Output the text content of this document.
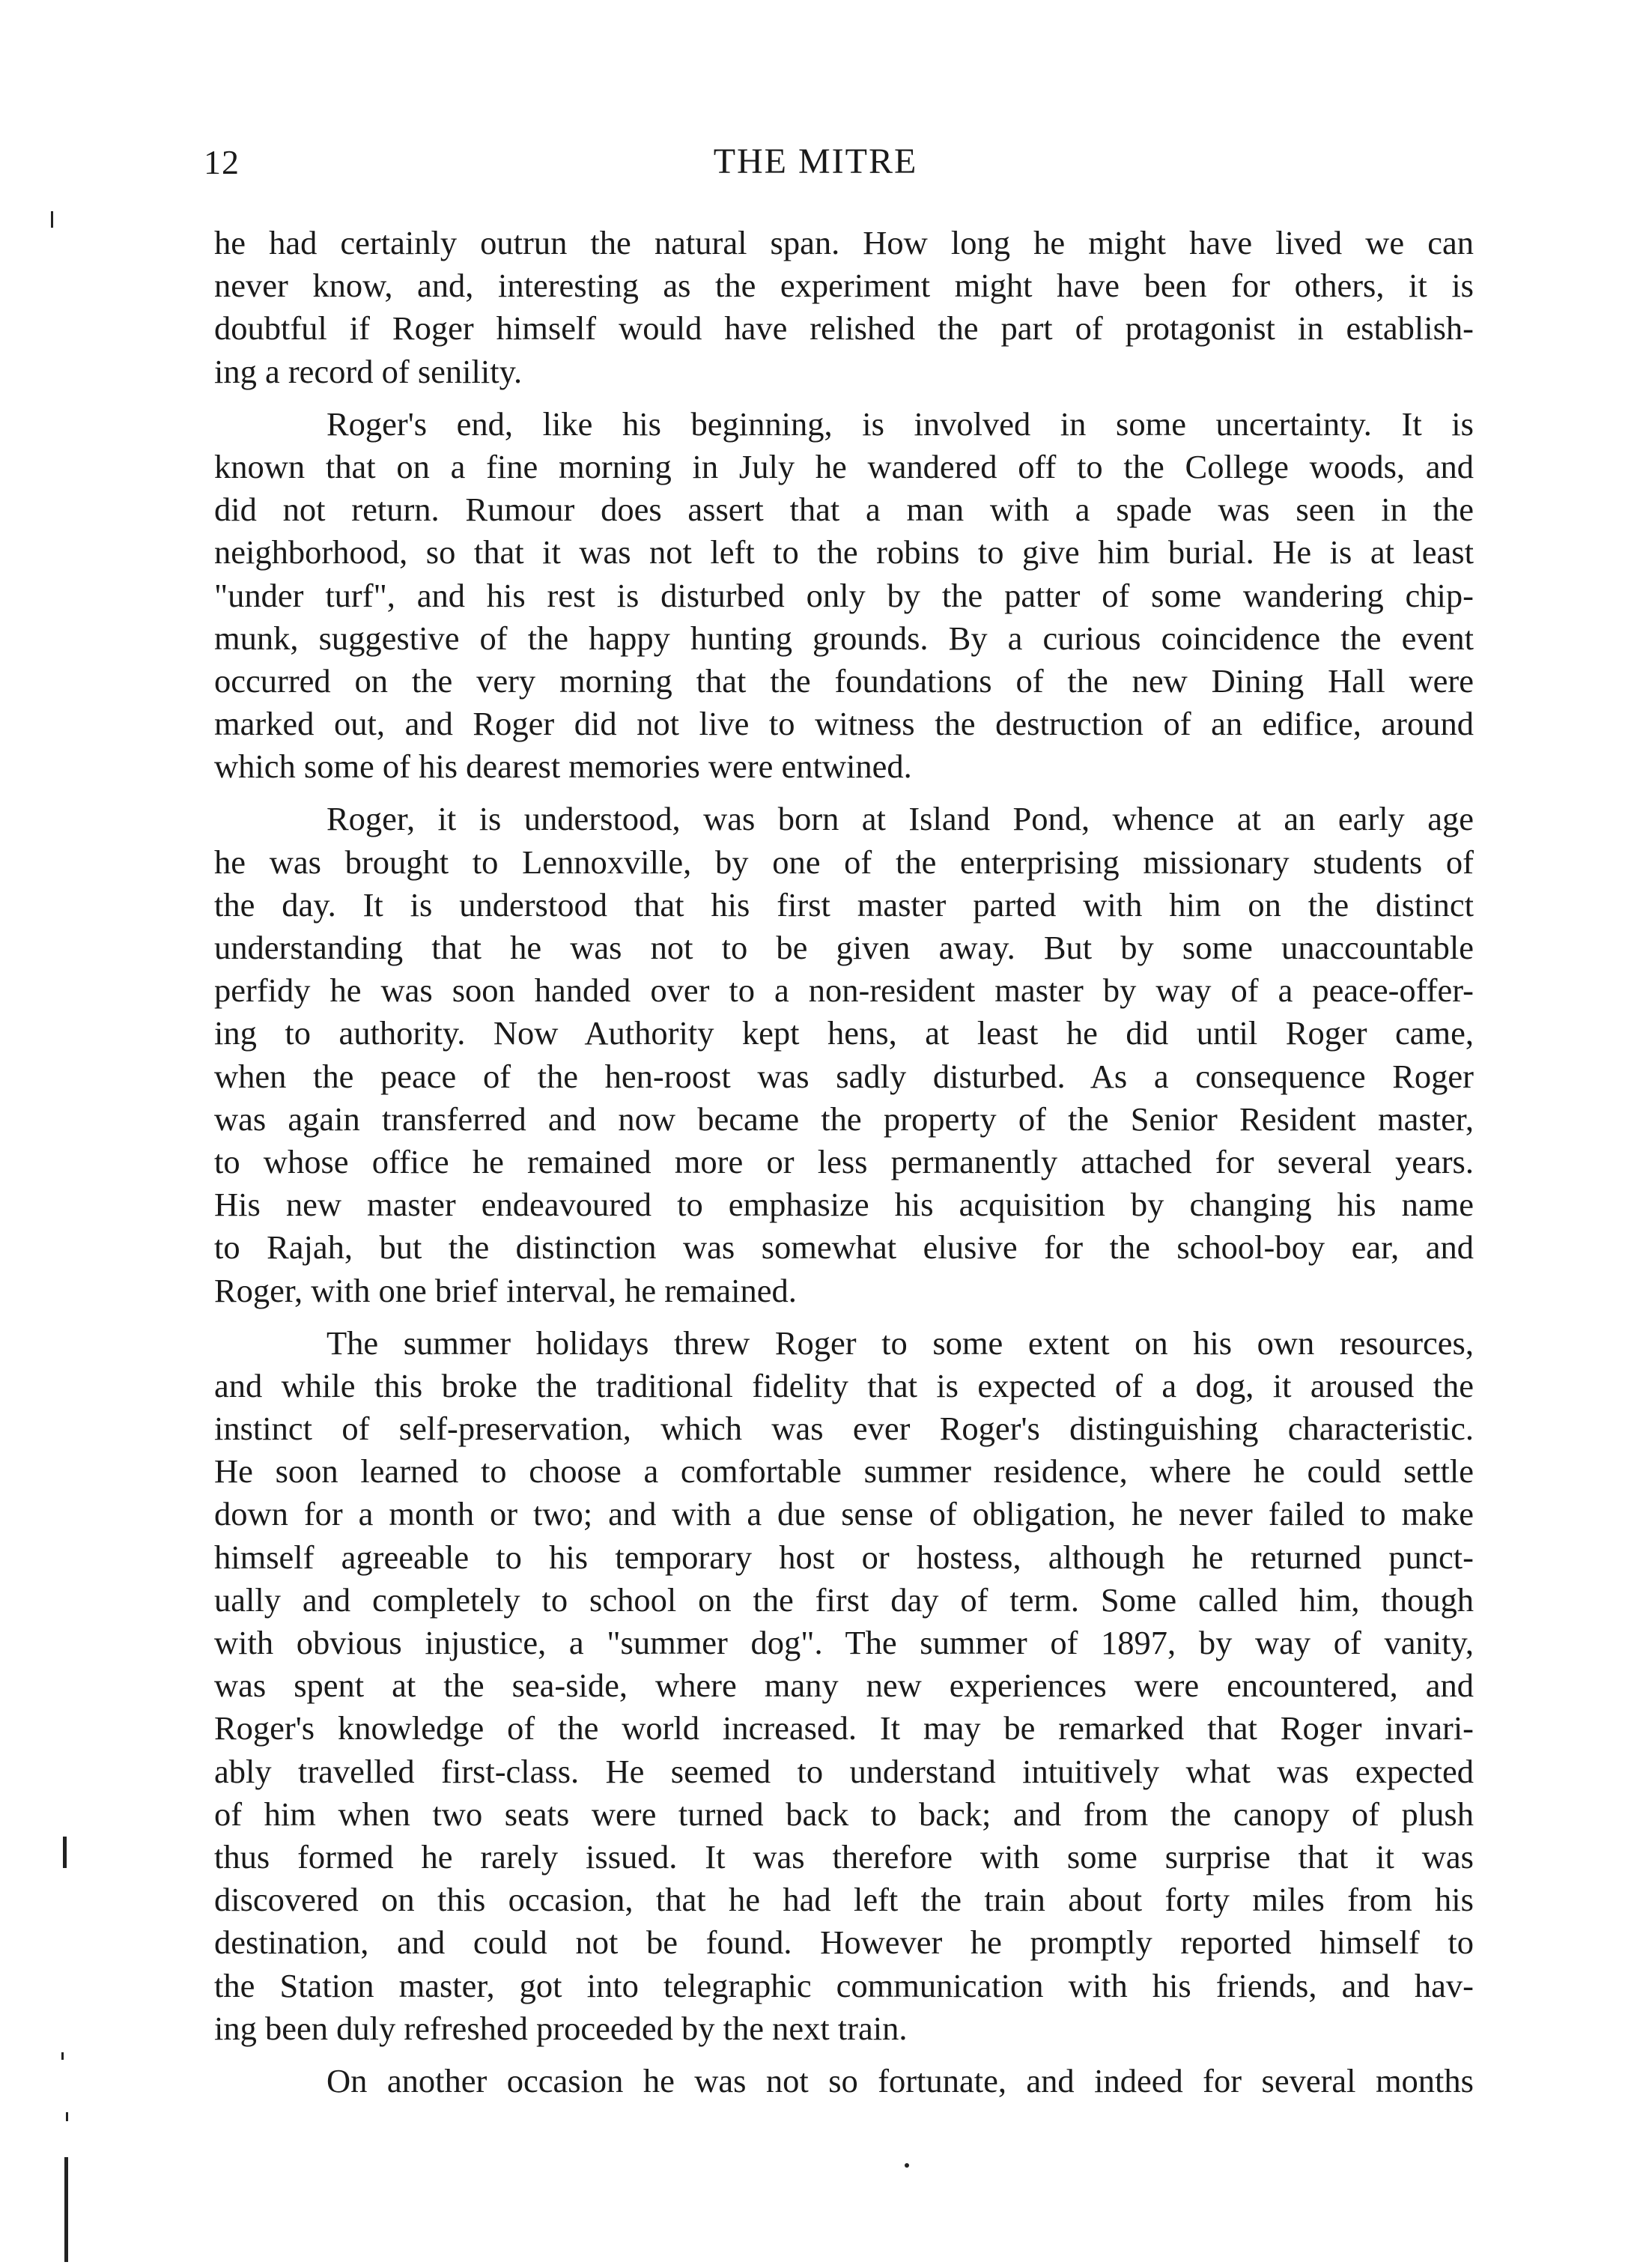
12	THE MITRE
he had certainly outrun the natural span. How long he might have lived we can
never know, and, interesting as the experiment might have been for others, it is
doubtful if Roger himself would have relished the part of protagonist in establish-
ing a record of senility.
Roger's end, like his beginning, is involved in some uncertainty. It is
known that on a fine morning in July he wandered off to the College woods, and
did not return. Rumour does assert that a man with a spade was seen in the
neighborhood, so that it was not left to the robins to give him burial. He is at least
"under turf", and his rest is disturbed only by the patter of some wandering chip-
munk, suggestive of the happy hunting grounds. By a curious coincidence the event
occurred on the very morning that the foundations of the new Dining Hall were
marked out, and Roger did not live to witness the destruction of an edifice, around
which some of his dearest memories were entwined.
Roger, it is understood, was born at Island Pond, whence at an early age
he was brought to Lennoxville, by one of the enterprising missionary students of
the day. It is understood that his first master parted with him on the distinct
understanding that he was not to be given away. But by some unaccountable
perfidy he was soon handed over to a non-resident master by way of a peace-offer-
ing to authority. Now Authority kept hens, at least he did until Roger came,
when the peace of the hen-roost was sadly disturbed. As a consequence Roger
was again transferred and now became the property of the Senior Resident master,
to whose office he remained more or less permanently attached for several years.
His new master endeavoured to emphasize his acquisition by changing his name
to Rajah, but the distinction was somewhat elusive for the school-boy ear, and
Roger, with one brief interval, he remained.
The summer holidays threw Roger to some extent on his own resources,
and while this broke the traditional fidelity that is expected of a dog, it aroused the
instinct of self-preservation, which was ever Roger's distinguishing characteristic.
He soon learned to choose a comfortable summer residence, where he could settle
down for a month or two; and with a due sense of obligation, he never failed to make
himself agreeable to his temporary host or hostess, although he returned punct-
ually and completely to school on the first day of term. Some called him, though
with obvious injustice, a "summer dog". The summer of 1897, by way of vanity,
was spent at the sea-side, where many new experiences were encountered, and
Roger's knowledge of the world increased. It may be remarked that Roger invari-
ably travelled first-class. He seemed to understand intuitively what was expected
of him when two seats were turned back to back; and from the canopy of plush
thus formed he rarely issued. It was therefore with some surprise that it was
discovered on this occasion, that he had left the train about forty miles from his
destination, and could not be found. However he promptly reported himself to
the Station master, got into telegraphic communication with his friends, and hav-
ing been duly refreshed proceeded by the next train.
On another occasion he was not so fortunate, and indeed for several months
